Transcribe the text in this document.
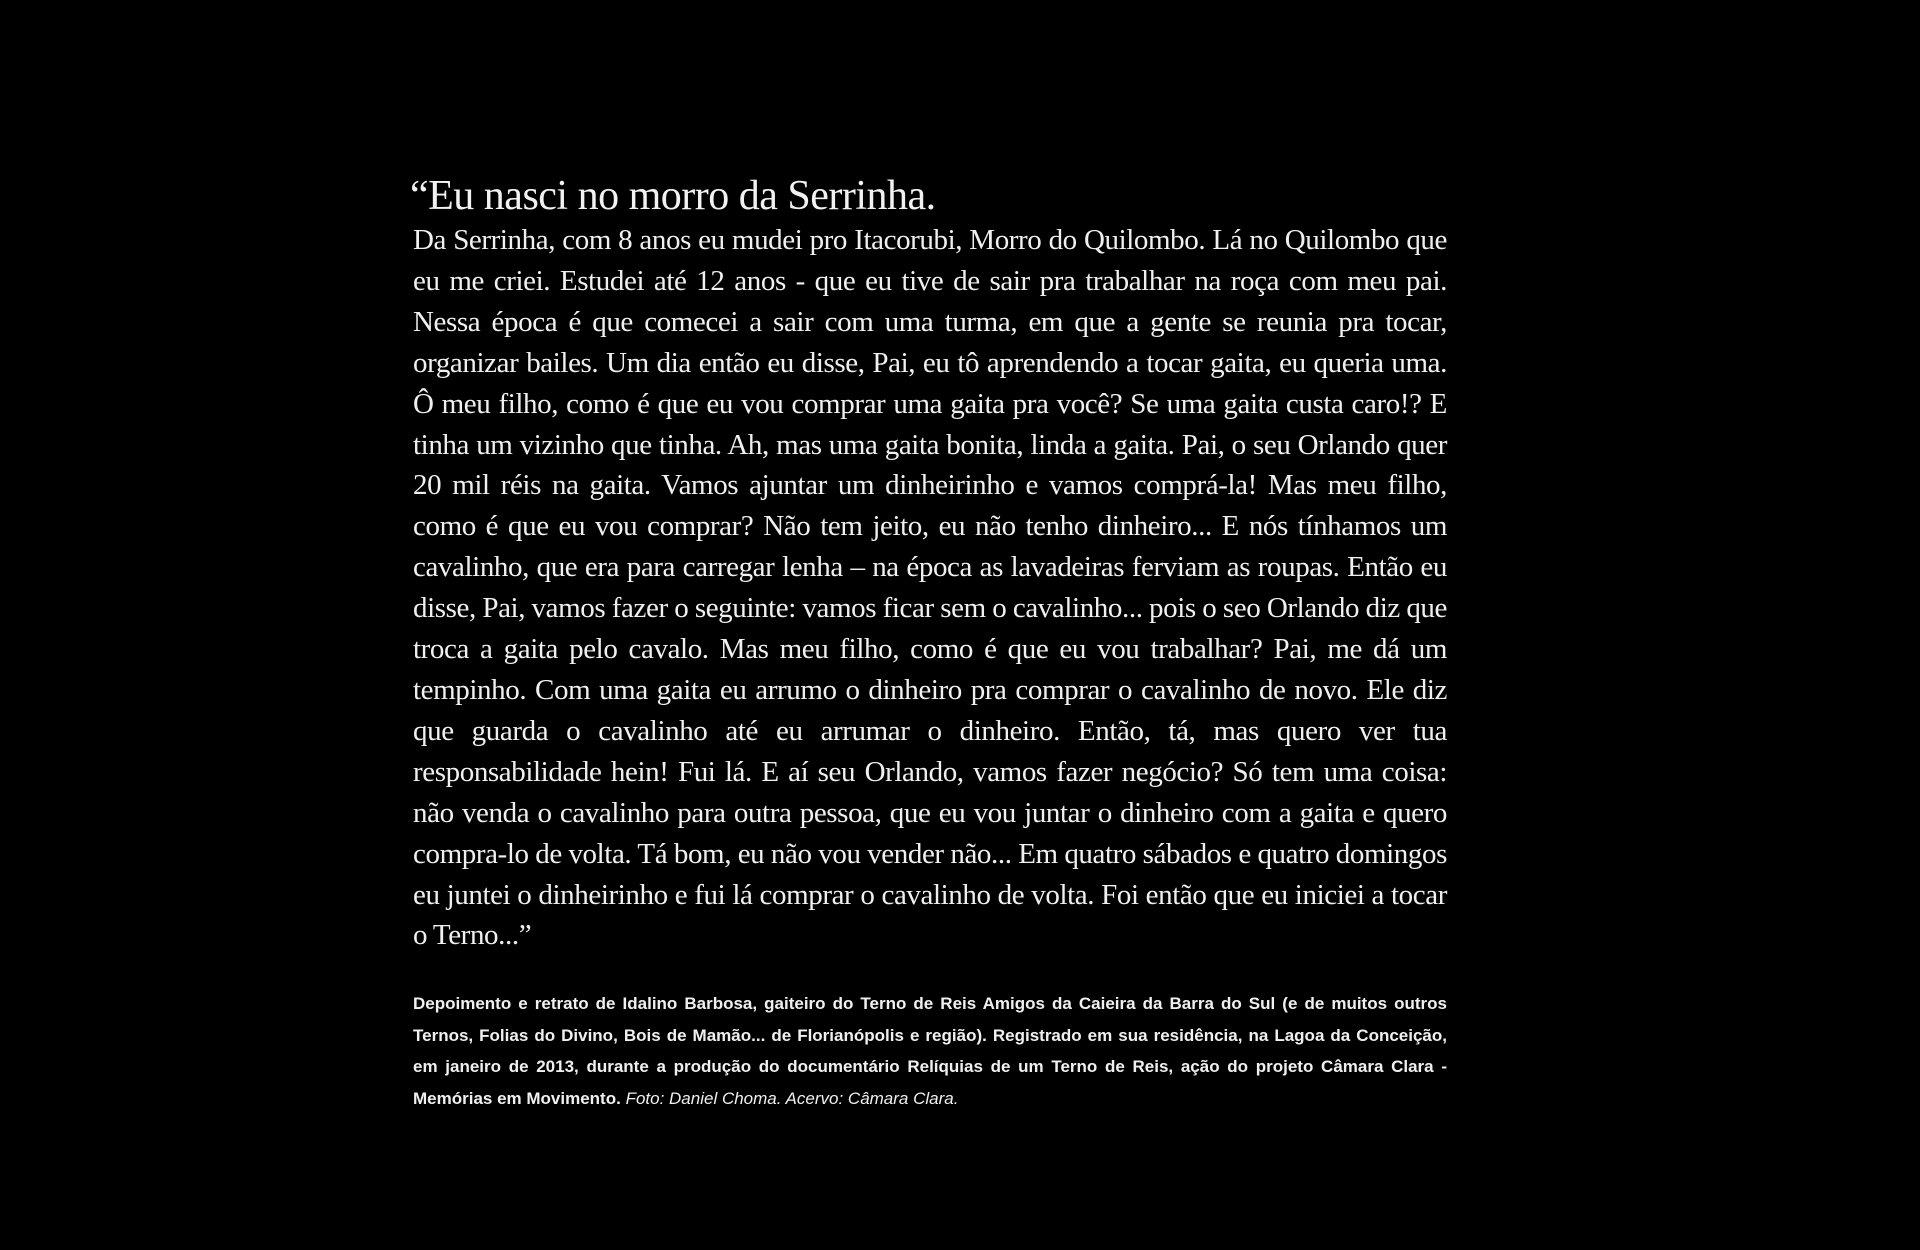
“Eu nasci no morro da Serrinha.

Da Serrinha, com 8 anos eu mudei pro Itacorubi, Morro do Quilombo. Lá no Quilombo que eu me criei. Estudei até 12 anos - que eu tive de sair pra trabalhar na roça com meu pai. Nessa época é que comecei a sair com uma turma, em que a gente se reunia pra tocar, organizar bailes. Um dia então eu disse, Pai, eu tô aprendendo a tocar gaita, eu queria uma. Ô meu filho, como é que eu vou comprar uma gaita pra você? Se uma gaita custa caro!? E tinha um vizinho que tinha. Ah, mas uma gaita bonita, linda a gaita. Pai, o seu Orlando quer 20 mil réis na gaita. Vamos ajuntar um dinheirinho e vamos comprá-la! Mas meu filho, como é que eu vou comprar? Não tem jeito, eu não tenho dinheiro... E nós tínhamos um cavalinho, que era para carregar lenha – na época as lavadeiras ferviam as roupas. Então eu disse, Pai, vamos fazer o seguinte: vamos ficar sem o cavalinho... pois o seo Orlando diz que troca a gaita pelo cavalo. Mas meu filho, como é que eu vou trabalhar? Pai, me dá um tempinho. Com uma gaita eu arrumo o dinheiro pra comprar o cavalinho de novo. Ele diz que guarda o cavalinho até eu arrumar o dinheiro. Então, tá, mas quero ver tua responsabilidade hein! Fui lá. E aí seu Orlando, vamos fazer negócio? Só tem uma coisa: não venda o cavalinho para outra pessoa, que eu vou juntar o dinheiro com a gaita e quero compra-lo de volta. Tá bom, eu não vou vender não... Em quatro sábados e quatro domingos eu juntei o dinheirinho e fui lá comprar o cavalinho de volta. Foi então que eu iniciei a tocar o Terno...”

Depoimento e retrato de Idalino Barbosa, gaiteiro do Terno de Reis Amigos da Caieira da Barra do Sul (e de muitos outros Ternos, Folias do Divino, Bois de Mamão... de Florianópolis e região). Registrado em sua residência, na Lagoa da Conceição, em janeiro de 2013, durante a produção do documentário Relíquias de um Terno de Reis, ação do projeto Câmara Clara - Memórias em Movimento. Foto: Daniel Choma. Acervo: Câmara Clara.
